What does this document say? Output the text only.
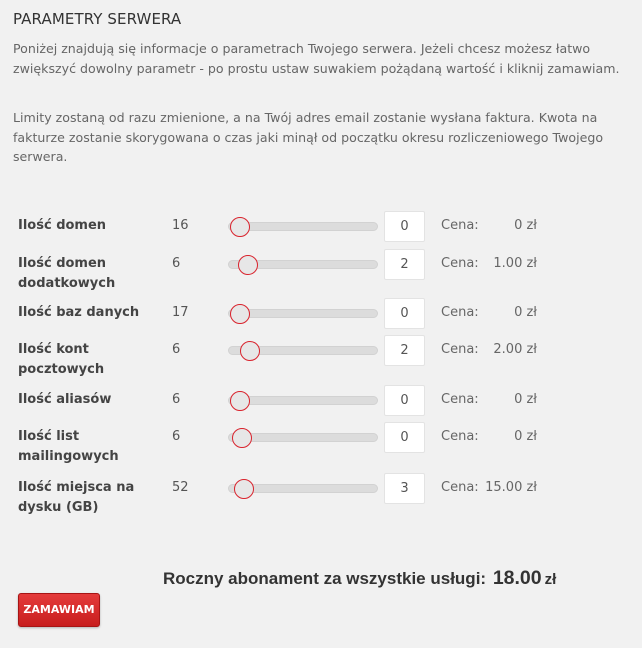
PARAMETRY SERWERA

Poniżej znajdują się informacje o parametrach Twojego serwera. Jeżeli chcesz możesz łatwo zwiększyć dowolny parametr - po prostu ustaw suwakiem pożądaną wartość i kliknij zamawiam.

Limity zostaną od razu zmienione, a na Twój adres email zostanie wysłana faktura. Kwota na fakturze zostanie skorygowana o czas jaki minął od początku okresu rozliczeniowego Twojego serwera.

Ilość domen	16	0	Cena:	0 zł
Ilość domen dodatkowych
6	2	Cena:	1.00 zł
Ilość baz danych	17	0	Cena:	0 zł
Ilość kont pocztowych
6	2	Cena:	2.00 zł
Ilość aliasów	6	0	Cena:	0 zł
Ilość list mailingowych
6	0	Cena:	0 zł
Ilość miejsca na dysku (GB)
52	3	Cena: 15.00 zł
Roczny abonament za wszystkie usługi: 18.00 zł
ZAMAWIAM
